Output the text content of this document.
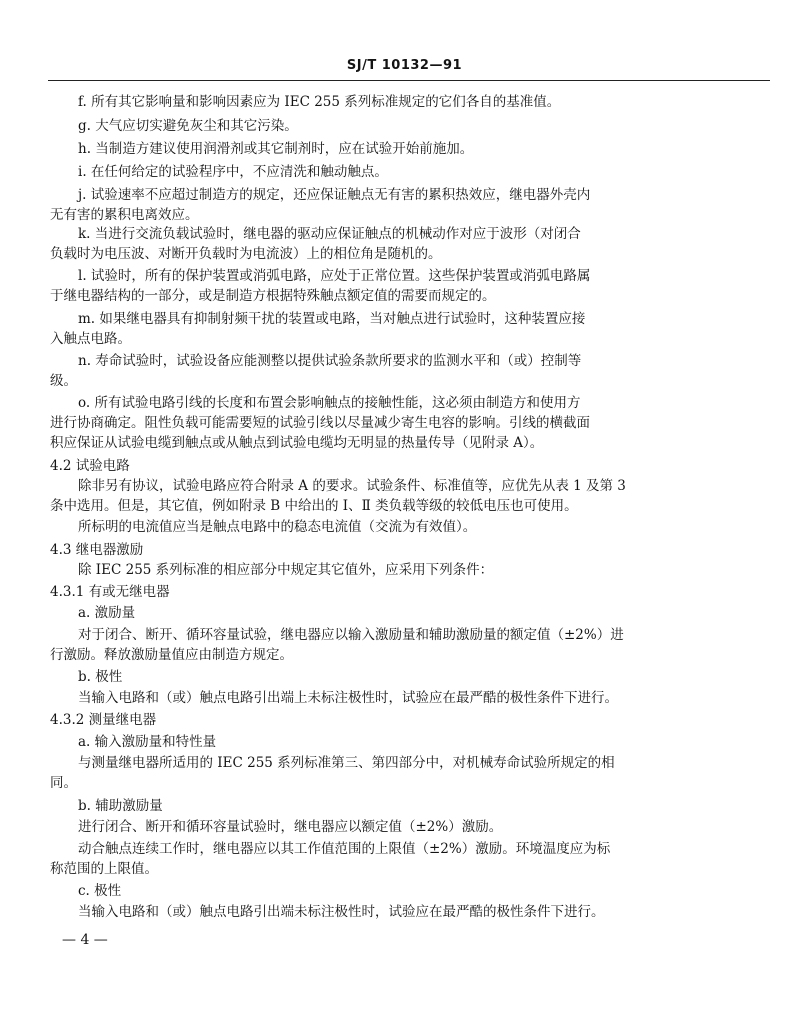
SJ/T 10132—91
f. 所有其它影响量和影响因素应为 IEC 255 系列标准规定的它们各自的基准值。
g. 大气应切实避免灰尘和其它污染。
h. 当制造方建议使用润滑剂或其它制剂时，应在试验开始前施加。
i. 在任何给定的试验程序中，不应清洗和触动触点。
j. 试验速率不应超过制造方的规定，还应保证触点无有害的累积热效应，继电器外壳内
无有害的累积电离效应。
k. 当进行交流负载试验时，继电器的驱动应保证触点的机械动作对应于波形（对闭合
负载时为电压波、对断开负载时为电流波）上的相位角是随机的。
l. 试验时，所有的保护装置或消弧电路，应处于正常位置。这些保护装置或消弧电路属
于继电器结构的一部分，或是制造方根据特殊触点额定值的需要而规定的。
m. 如果继电器具有抑制射频干扰的装置或电路，当对触点进行试验时，这种装置应接
入触点电路。
n. 寿命试验时，试验设备应能测整以提供试验条款所要求的监测水平和（或）控制等
级。
o. 所有试验电路引线的长度和布置会影响触点的接触性能，这必须由制造方和使用方
进行协商确定。阻性负载可能需要短的试验引线以尽量减少寄生电容的影响。引线的横截面
积应保证从试验电缆到触点或从触点到试验电缆均无明显的热量传导（见附录 A）。
4.2 试验电路
除非另有协议，试验电路应符合附录 A 的要求。试验条件、标准值等，应优先从表 1 及第 3
条中选用。但是，其它值，例如附录 B 中给出的 Ⅰ、Ⅱ 类负载等级的较低电压也可使用。
所标明的电流值应当是触点电路中的稳态电流值（交流为有效值）。
4.3 继电器激励
除 IEC 255 系列标准的相应部分中规定其它值外，应采用下列条件：
4.3.1 有或无继电器
a. 激励量
对于闭合、断开、循环容量试验，继电器应以输入激励量和辅助激励量的额定值（±2%）进
行激励。释放激励量值应由制造方规定。
b. 极性
当输入电路和（或）触点电路引出端上未标注极性时，试验应在最严酷的极性条件下进行。
4.3.2 测量继电器
a. 输入激励量和特性量
与测量继电器所适用的 IEC 255 系列标准第三、第四部分中，对机械寿命试验所规定的相
同。
b. 辅助激励量
进行闭合、断开和循环容量试验时，继电器应以额定值（±2%）激励。
动合触点连续工作时，继电器应以其工作值范围的上限值（±2%）激励。环境温度应为标
称范围的上限值。
c. 极性
当输入电路和（或）触点电路引出端未标注极性时，试验应在最严酷的极性条件下进行。
— 4 —
